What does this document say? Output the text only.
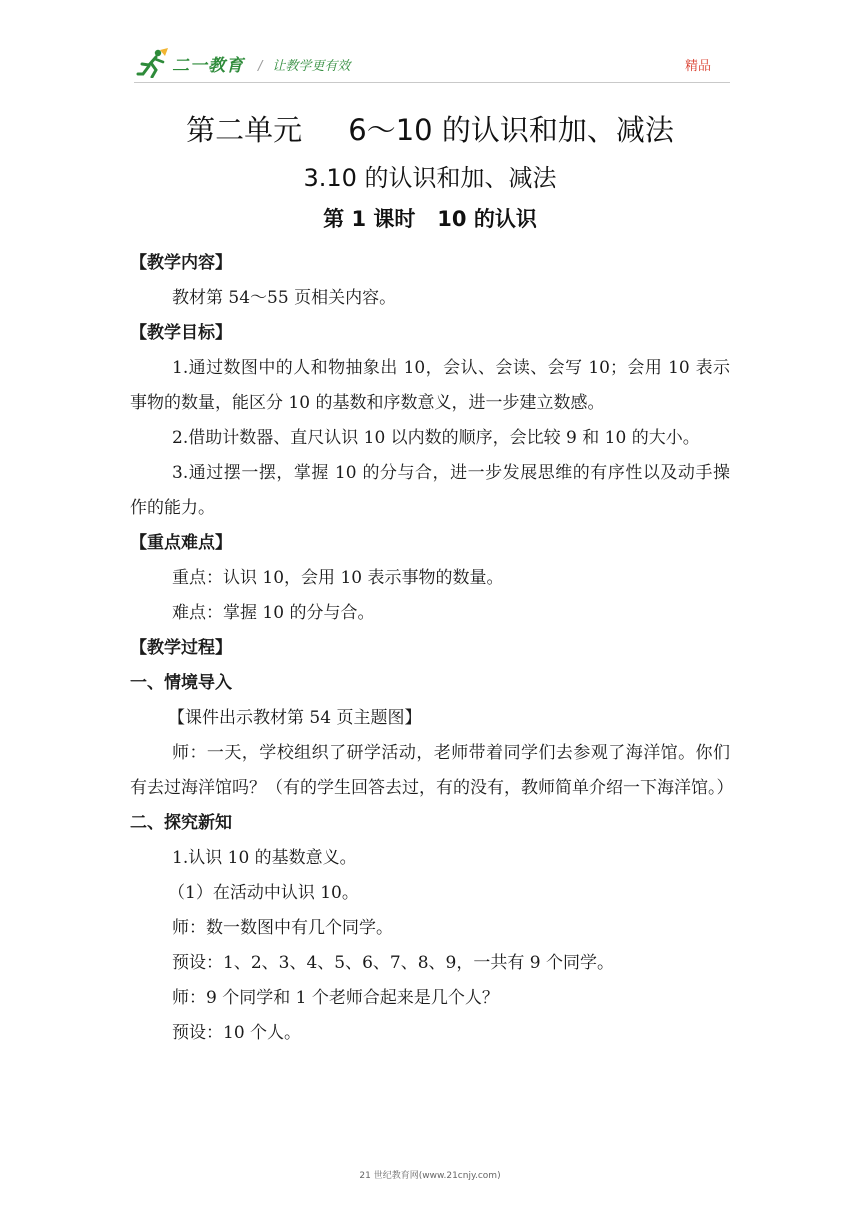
二一教育 / 让教学更有效	精品
第二单元     6～10 的认识和加、减法
3.10 的认识和加、减法
第 1 课时   10 的认识

【教学内容】

教材第 54～55 页相关内容。

【教学目标】

1.通过数图中的人和物抽象出 10，会认、会读、会写 10；会用 10 表示事物的数量，能区分 10 的基数和序数意义，进一步建立数感。

2.借助计数器、直尺认识 10 以内数的顺序，会比较 9 和 10 的大小。

3.通过摆一摆，掌握 10 的分与合，进一步发展思维的有序性以及动手操作的能力。

【重点难点】

重点：认识 10，会用 10 表示事物的数量。

难点：掌握 10 的分与合。

【教学过程】

一、情境导入

【课件出示教材第 54 页主题图】

师：一天，学校组织了研学活动，老师带着同学们去参观了海洋馆。你们有去过海洋馆吗？（有的学生回答去过，有的没有，教师简单介绍一下海洋馆。）

二、探究新知

1.认识 10 的基数意义。

（1）在活动中认识 10。

师：数一数图中有几个同学。

预设：1、2、3、4、5、6、7、8、9，一共有 9 个同学。

师：9 个同学和 1 个老师合起来是几个人？

预设：10 个人。

21 世纪教育网(www.21cnjy.com)
